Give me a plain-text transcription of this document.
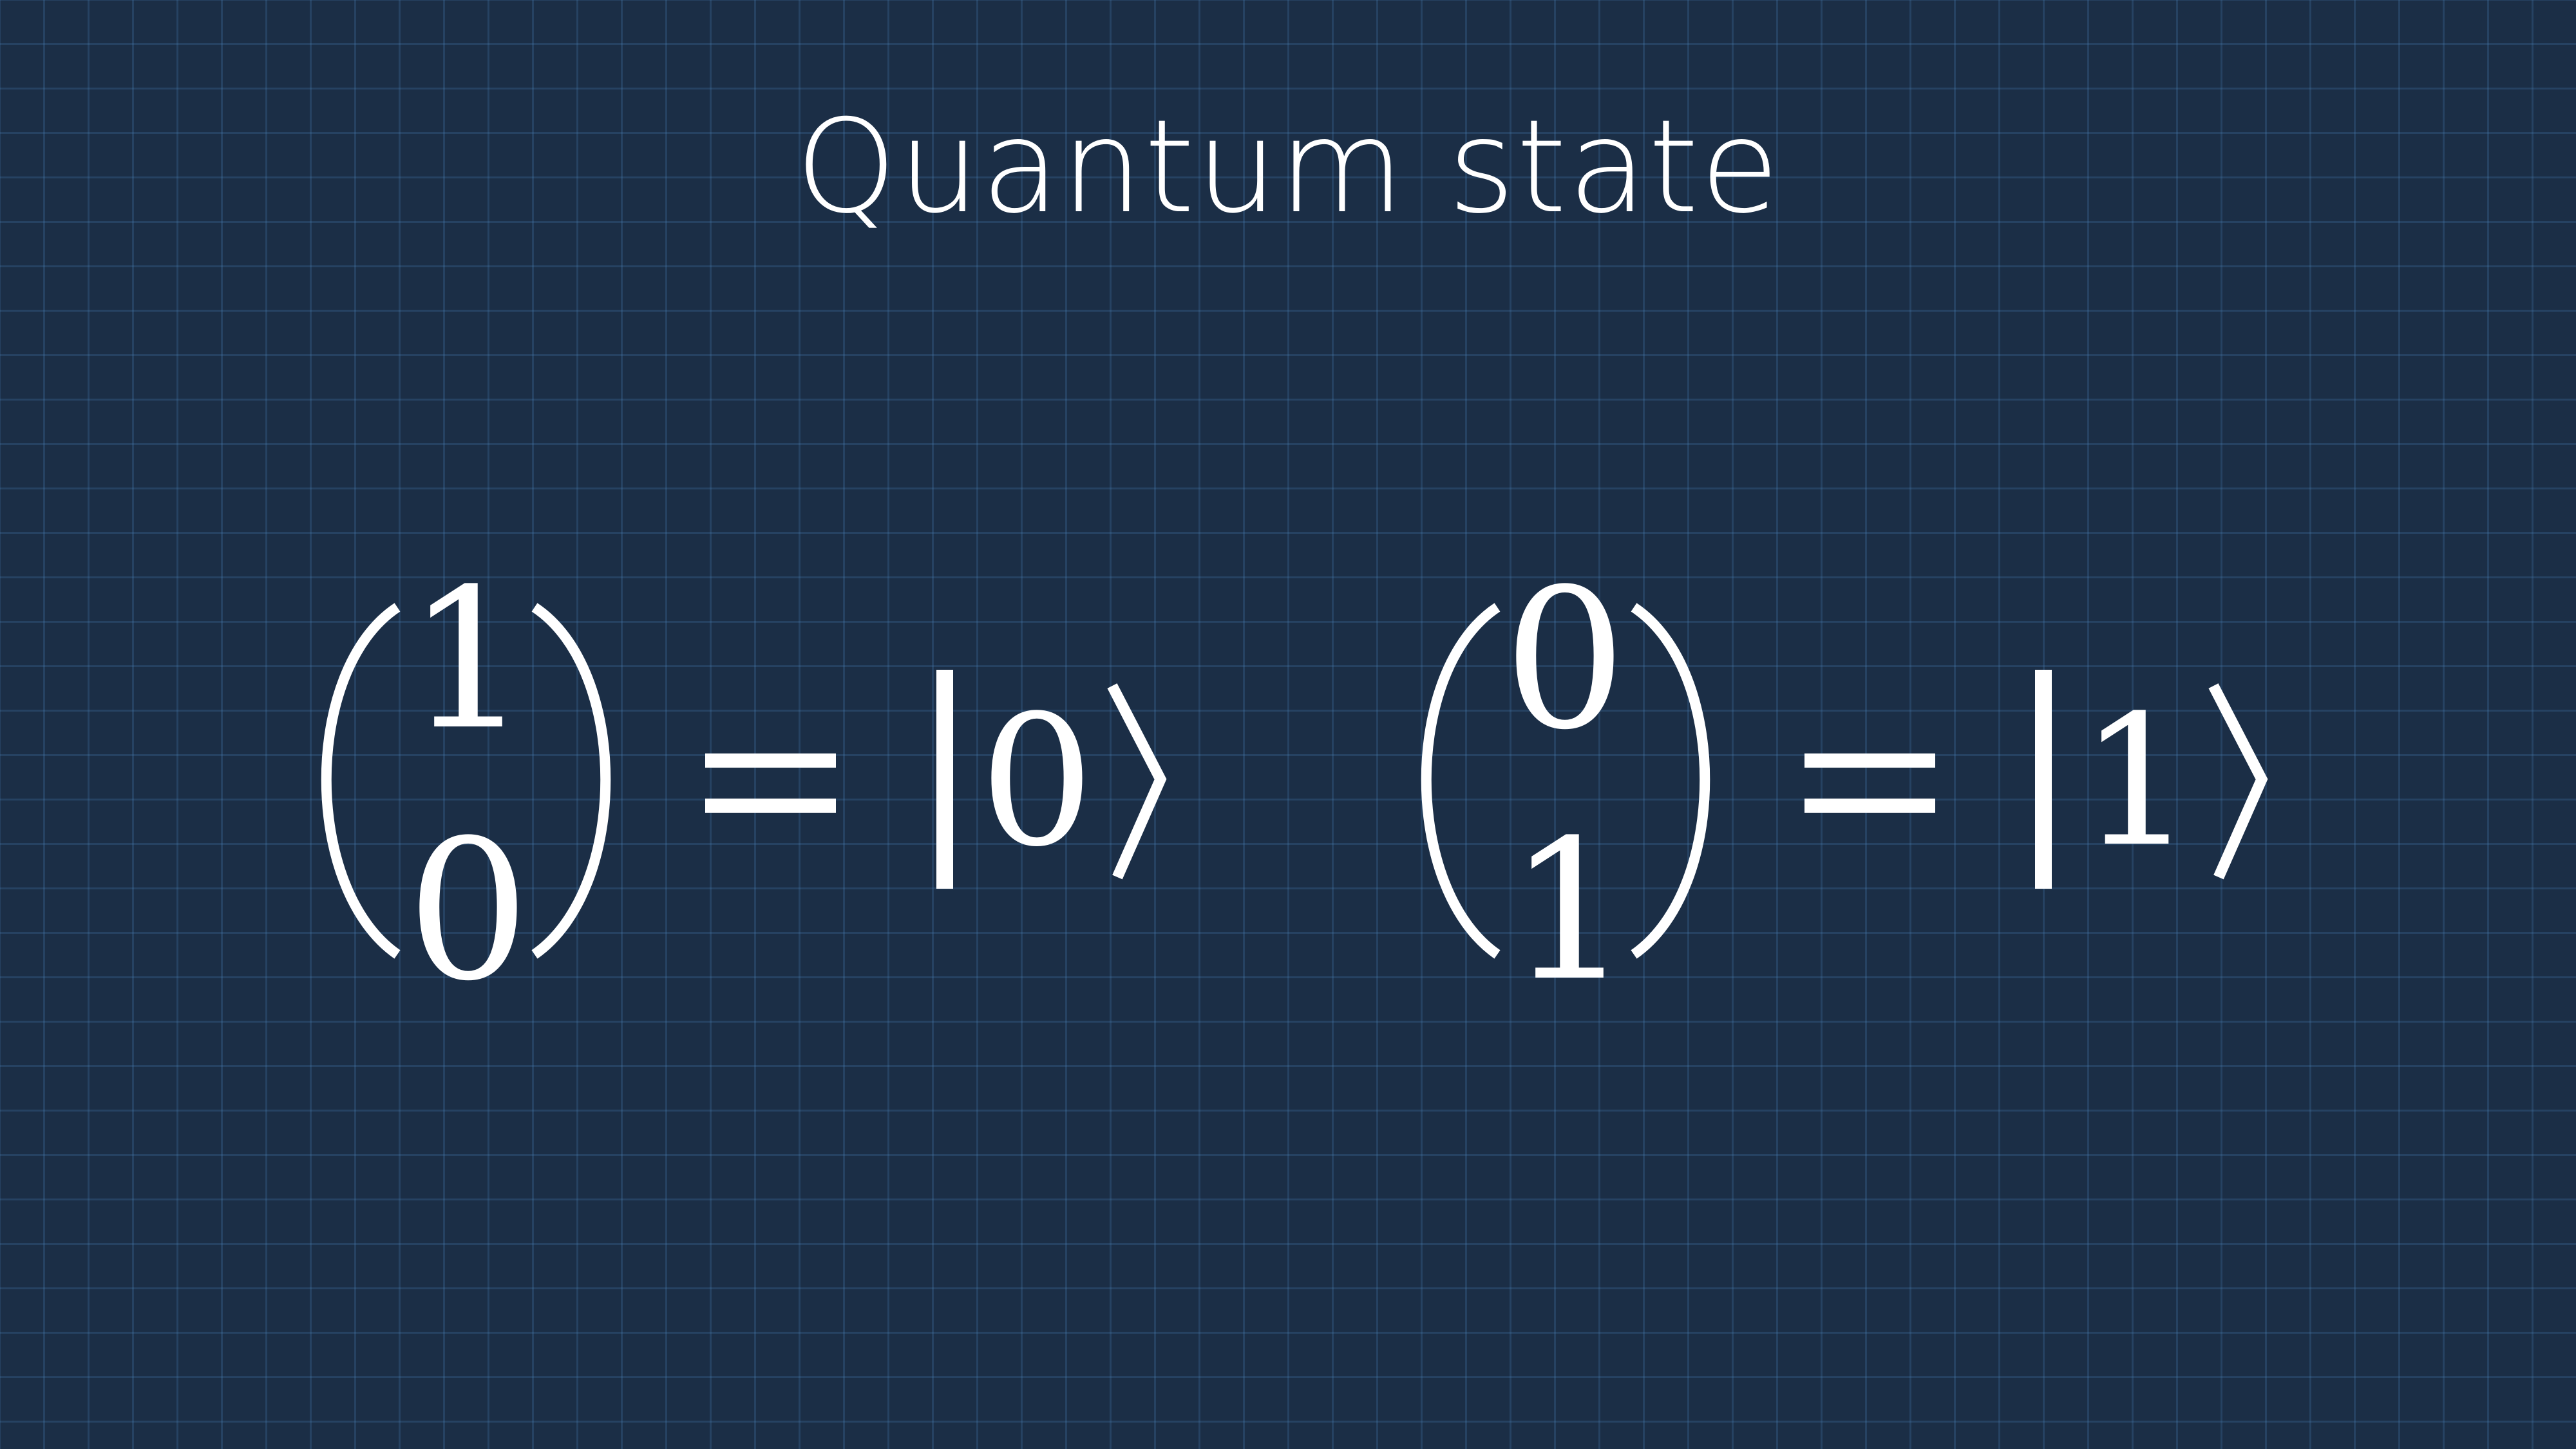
Quantum state
1
0
0
0
1
1
